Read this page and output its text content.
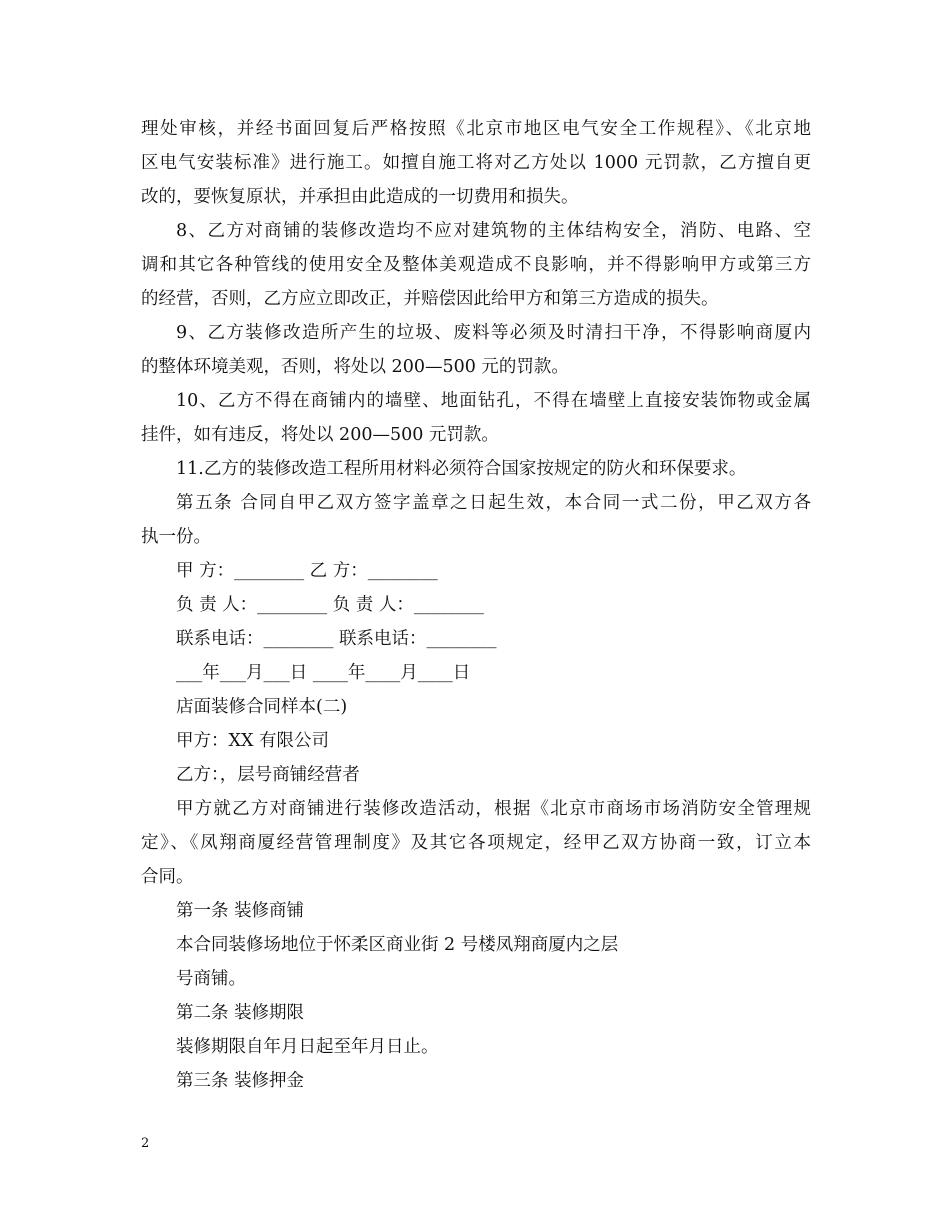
理处审核，并经书面回复后严格按照《北京市地区电气安全工作规程》、《北京地
区电气安装标准》进行施工。如擅自施工将对乙方处以 1000 元罚款，乙方擅自更
改的，要恢复原状，并承担由此造成的一切费用和损失。
8、乙方对商铺的装修改造均不应对建筑物的主体结构安全，消防、电路、空
调和其它各种管线的使用安全及整体美观造成不良影响，并不得影响甲方或第三方
的经营，否则，乙方应立即改正，并赔偿因此给甲方和第三方造成的损失。
9、乙方装修改造所产生的垃圾、废料等必须及时清扫干净，不得影响商厦内
的整体环境美观，否则，将处以 200—500 元的罚款。
10、乙方不得在商铺内的墙壁、地面钻孔，不得在墙壁上直接安装饰物或金属
挂件，如有违反，将处以 200—500 元罚款。
11.乙方的装修改造工程所用材料必须符合国家按规定的防火和环保要求。
第五条 合同自甲乙双方签字盖章之日起生效，本合同一式二份，甲乙双方各
执一份。
甲 方：________ 乙 方：________
负 责 人：________ 负 责 人：________
联系电话：________ 联系电话：________
___年___月___日 ____年____月____日
店面装修合同样本(二)
甲方：XX 有限公司
乙方：，层号商铺经营者
甲方就乙方对商铺进行装修改造活动，根据《北京市商场市场消防安全管理规
定》、《凤翔商厦经营管理制度》及其它各项规定，经甲乙双方协商一致，订立本
合同。
第一条 装修商铺
本合同装修场地位于怀柔区商业街 2 号楼凤翔商厦内之层
号商铺。
第二条 装修期限
装修期限自年月日起至年月日止。
第三条 装修押金
2
